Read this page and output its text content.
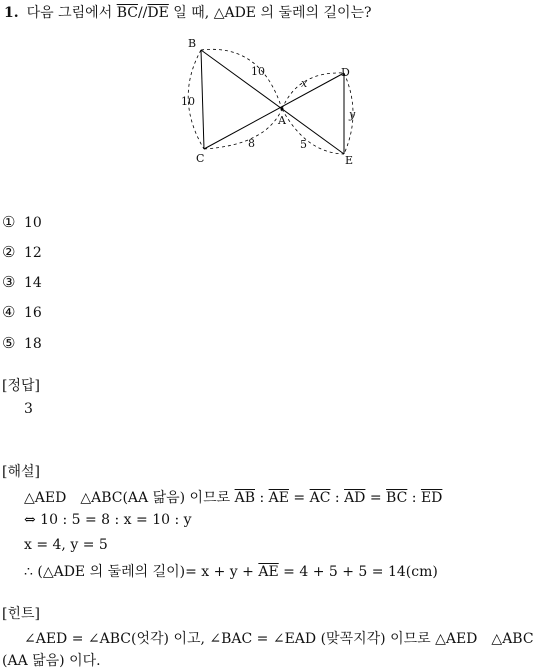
1. 다음 그림에서 $\overline{BC}//\overline{DE}$ 일 때, △ADE 의 둘레의 길이는?
B
C
A
D
E
10
10
8
x
5
y
① 10
② 12
③ 14
④ 16
⑤ 18
[정답]
3
[해설]
△AED △ABC(AA 닮음) 이므로 $\overline{AB}$ : $\overline{AE} = \overline{AC}$ : $\overline{AD} = \overline{BC}$ : $\overline{ED}$
⇔ 10 : 5 = 8 : x = 10 : y
x = 4, y = 5
∴ (△ADE 의 둘레의 길이)= $x + y + \overline{AE} = 4 + 5 + 5 = 14(cm)$
[힌트]
∠AED = ∠ABC(엇각) 이고, ∠BAC = ∠EAD (맞꼭지각) 이므로 △AED △ABC
(AA 닮음) 이다.
